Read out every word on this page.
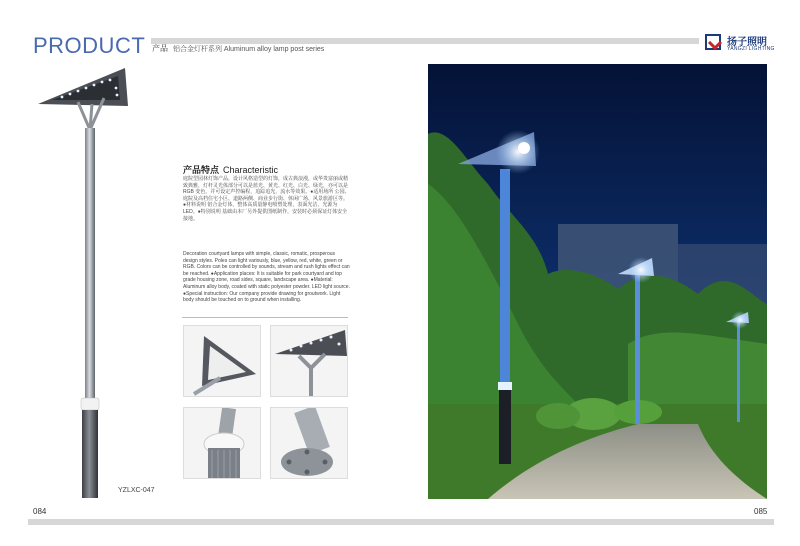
PRODUCT 产品 铝合金灯杆系列 Aluminum alloy lamp post series
扬子照明
YANGZI LIGHTING
YZLXC-047
产品特点 Characteristic
庭院型园林灯饰产品，设计风格造型的灯饰，成古典浪漫，或华贵富丽或精致典雅，灯杆灵光体部分可以是蓝光、黄光、红光、白光、绿光，亦可以是 RGB 变色，并可设定声控编程，追踪追光，流水等效果。●适用场所 公园、庭院及高档住宅小区、道路两侧、商业步行街、休闲广场、风景旅游区等。●材料说明 铝合金灯体，整体高质量静电喷塑处理，表面光洁，光源为 LED。●特别说明 基础由本厂另外提供图纸制作，安装时必须保证灯体安全接地。
Decoration courtyard lamps with simple, classic, romatic, prosperous design styles. Poles can light variously, blue, yellow, red, white, green or RGB. Colors can be controlled by sounds, stream and rush lights effect can be reached. ●Application places: It is suitable for park courtyard and top grade housing zone, road sides, square, landscape area. ●Material: Aluminum alloy body, coated with static polyester powder. LED light source. ●Special instruction: Our company provide drawing for groutwork. Light body should be touched on to ground when installing.
084	085
